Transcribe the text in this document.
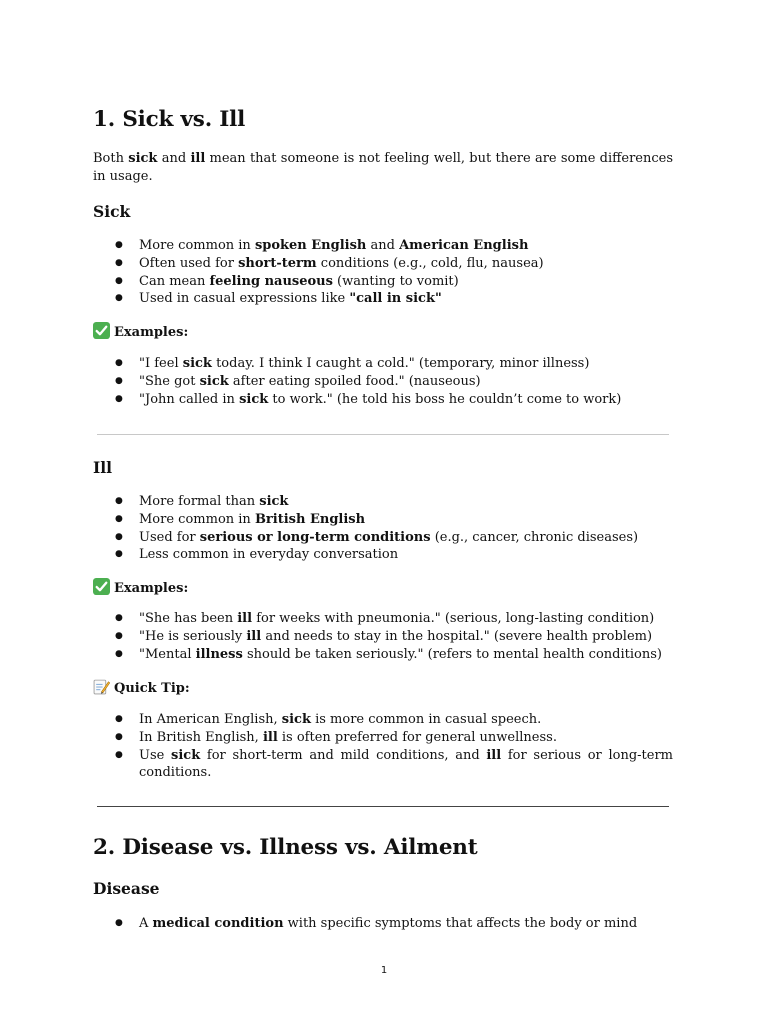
1. Sick vs. Ill

Both sick and ill mean that someone is not feeling well, but there are some differences in usage.

Sick
● More common in spoken English and American English
● Often used for short-term conditions (e.g., cold, flu, nausea)
● Can mean feeling nauseous (wanting to vomit)
● Used in casual expressions like "call in sick"
Examples:
● "I feel sick today. I think I caught a cold." (temporary, minor illness)
● "She got sick after eating spoiled food." (nauseous)
● "John called in sick to work." (he told his boss he couldn’t come to work)
Ill
● More formal than sick
● More common in British English
● Used for serious or long-term conditions (e.g., cancer, chronic diseases)
● Less common in everyday conversation
Examples:
● "She has been ill for weeks with pneumonia." (serious, long-lasting condition)
● "He is seriously ill and needs to stay in the hospital." (severe health problem)
● "Mental illness should be taken seriously." (refers to mental health conditions)
Quick Tip:
● In American English, sick is more common in casual speech.
● In British English, ill is often preferred for general unwellness.
● Use sick for short-term and mild conditions, and ill for serious or long-term conditions.
2. Disease vs. Illness vs. Ailment
Disease
● A medical condition with specific symptoms that affects the body or mind
1
